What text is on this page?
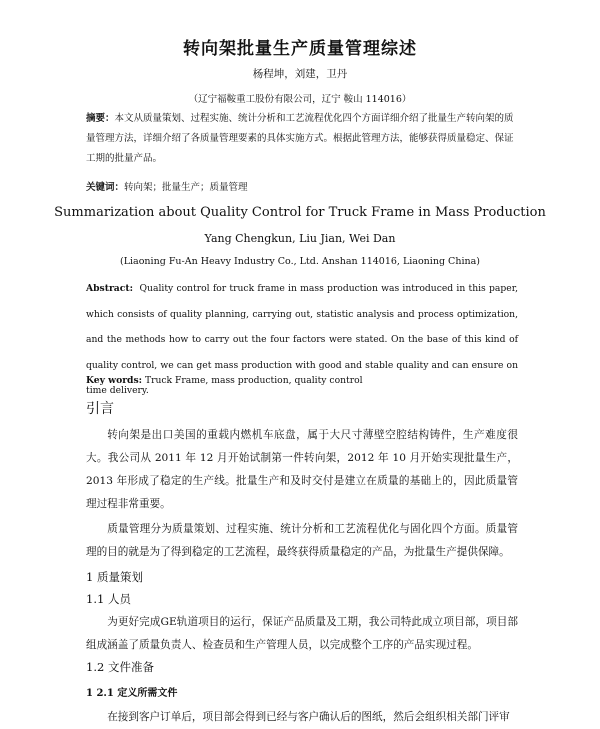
转向架批量生产质量管理综述
杨程坤，刘建，卫丹
（辽宁福鞍重工股份有限公司，辽宁 鞍山 114016）
摘要：本文从质量策划、过程实施、统计分析和工艺流程优化四个方面详细介绍了批量生产转向架的质量管理方法，详细介绍了各质量管理要素的具体实施方式。根据此管理方法，能够获得质量稳定、保证工期的批量产品。
关键词：转向架；批量生产；质量管理
Summarization about Quality Control for Truck Frame in Mass Production
Yang Chengkun, Liu Jian, Wei Dan
(Liaoning Fu-An Heavy Industry Co., Ltd. Anshan 114016, Liaoning China)
Abstract: Quality control for truck frame in mass production was introduced in this paper, which consists of quality planning, carrying out, statistic analysis and process optimization, and the methods how to carry out the four factors were stated. On the base of this kind of quality control, we can get mass production with good and stable quality and can ensure on time delivery.
Key words: Truck Frame, mass production, quality control
引言
转向架是出口美国的重载内燃机车底盘，属于大尺寸薄壁空腔结构铸件，生产难度很大。我公司从 2011 年 12 月开始试制第一件转向架，2012 年 10 月开始实现批量生产，2013 年形成了稳定的生产线。批量生产和及时交付是建立在质量的基础上的，因此质量管理过程非常重要。
质量管理分为质量策划、过程实施、统计分析和工艺流程优化与固化四个方面。质量管理的目的就是为了得到稳定的工艺流程，最终获得质量稳定的产品，为批量生产提供保障。
1 质量策划
1.1 人员
为更好完成GE轨道项目的运行，保证产品质量及工期，我公司特此成立项目部，项目部组成涵盖了质量负责人、检查员和生产管理人员，以完成整个工序的产品实现过程。
1.2 文件准备
1 2.1 定义所需文件
在接到客户订单后，项目部会得到已经与客户确认后的图纸，然后会组织相关部门评审
